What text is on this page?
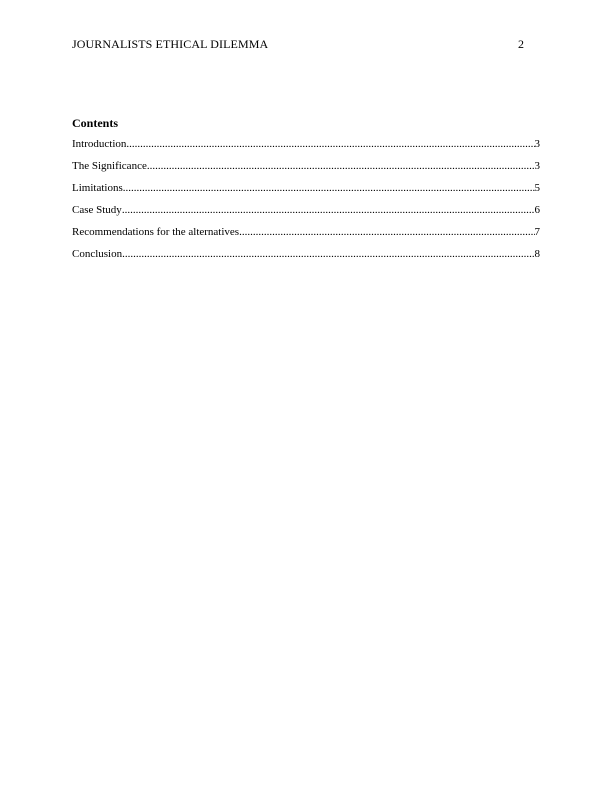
JOURNALISTS ETHICAL DILEMMA	2
Contents
Introduction .....	3
The Significance .....	3
Limitations .....	5
Case Study .....	6
Recommendations for the alternatives .....	7
Conclusion .....	8
